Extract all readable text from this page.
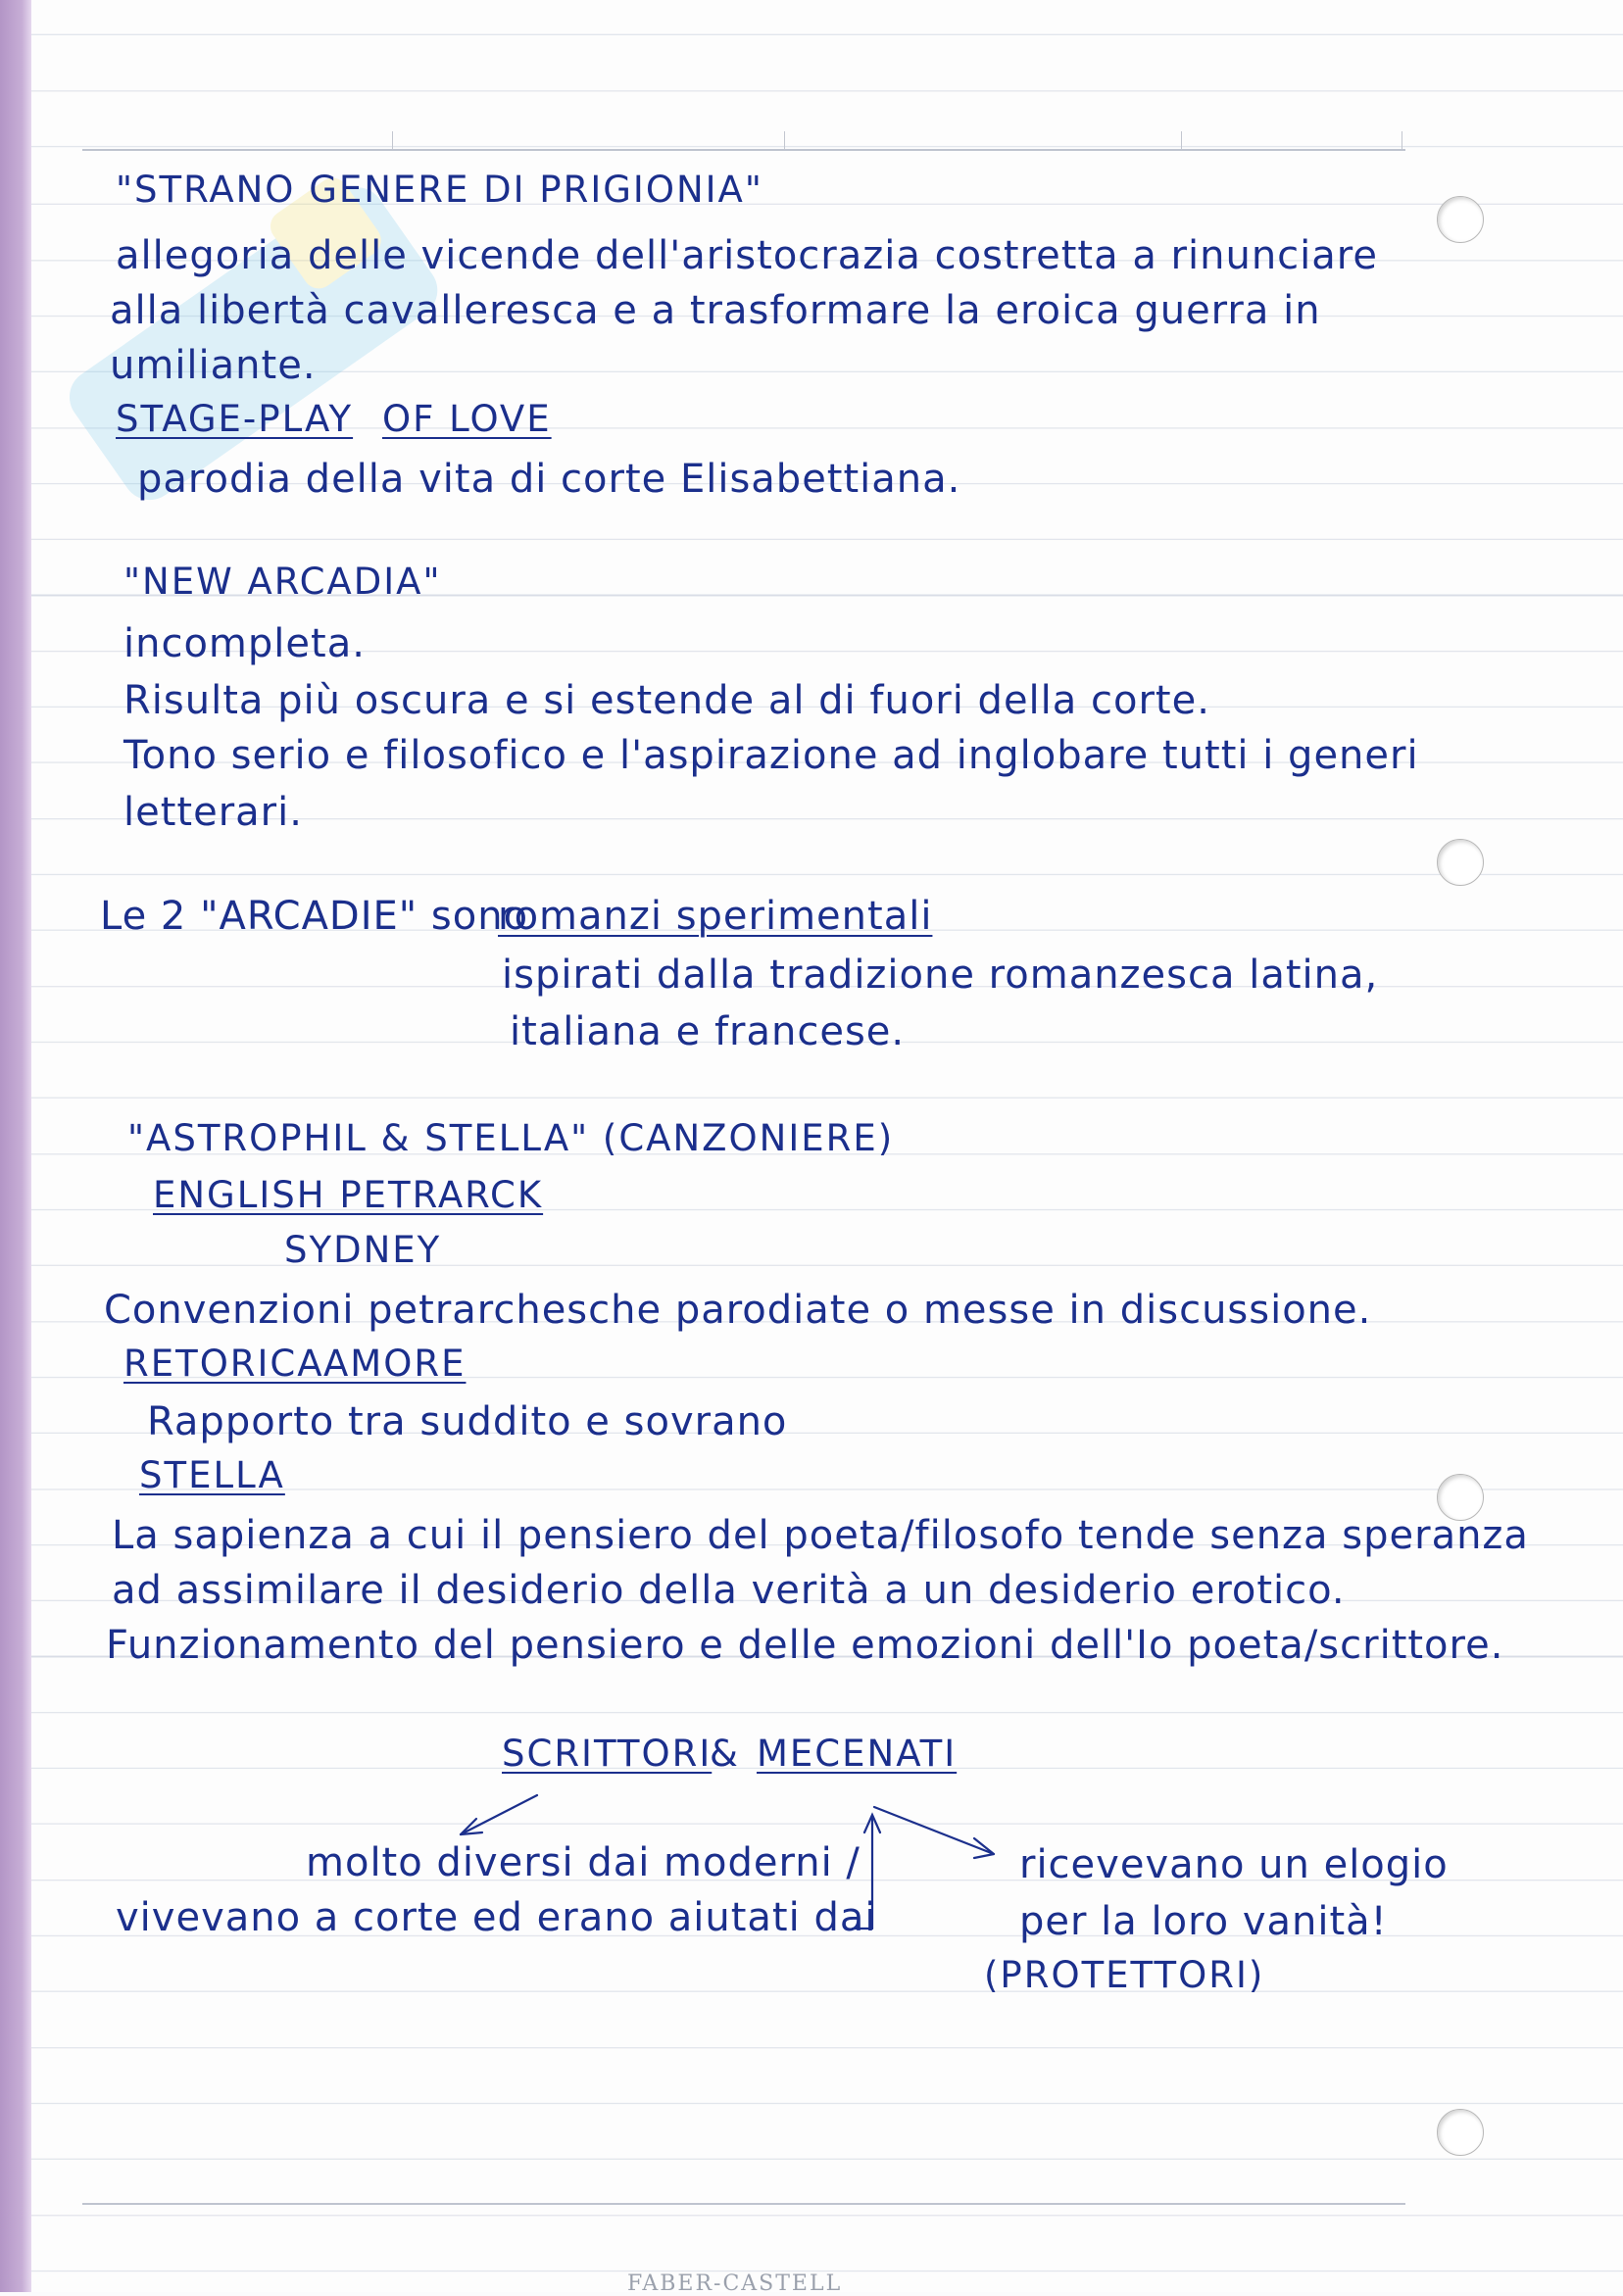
"STRANO GENERE DI PRIGIONIA"

allegoria delle vicende dell'aristocrazia costretta a rinunciare

alla libertà cavalleresca e a trasformare la eroica guerra in

umiliante.

STAGE-PLAY OF LOVE

parodia della vita di corte Elisabettiana.

"NEW ARCADIA"

incompleta.

Risulta più oscura e si estende al di fuori della corte.

Tono serio e filosofico e l'aspirazione ad inglobare tutti i generi

letterari.

Le 2 "ARCADIE" sono

romanzi sperimentali

ispirati dalla tradizione romanzesca latina,

italiana e francese.

"ASTROPHIL & STELLA" (CANZONIERE)

ENGLISH PETRARCK

SYDNEY

Convenzioni petrarchesche parodiate o messe in discussione.

RETORICA AMORE

Rapporto tra suddito e sovrano

STELLA

La sapienza a cui il pensiero del poeta/filosofo tende senza speranza

ad assimilare il desiderio della verità a un desiderio erotico.

Funzionamento del pensiero e delle emozioni dell'Io poeta/scrittore.

SCRITTORI

& MECENATI

molto diversi dai moderni /

vivevano a corte ed erano aiutati dai

ricevevano un elogio

per la loro vanità!

(PROTETTORI)

FABER-CASTELL
